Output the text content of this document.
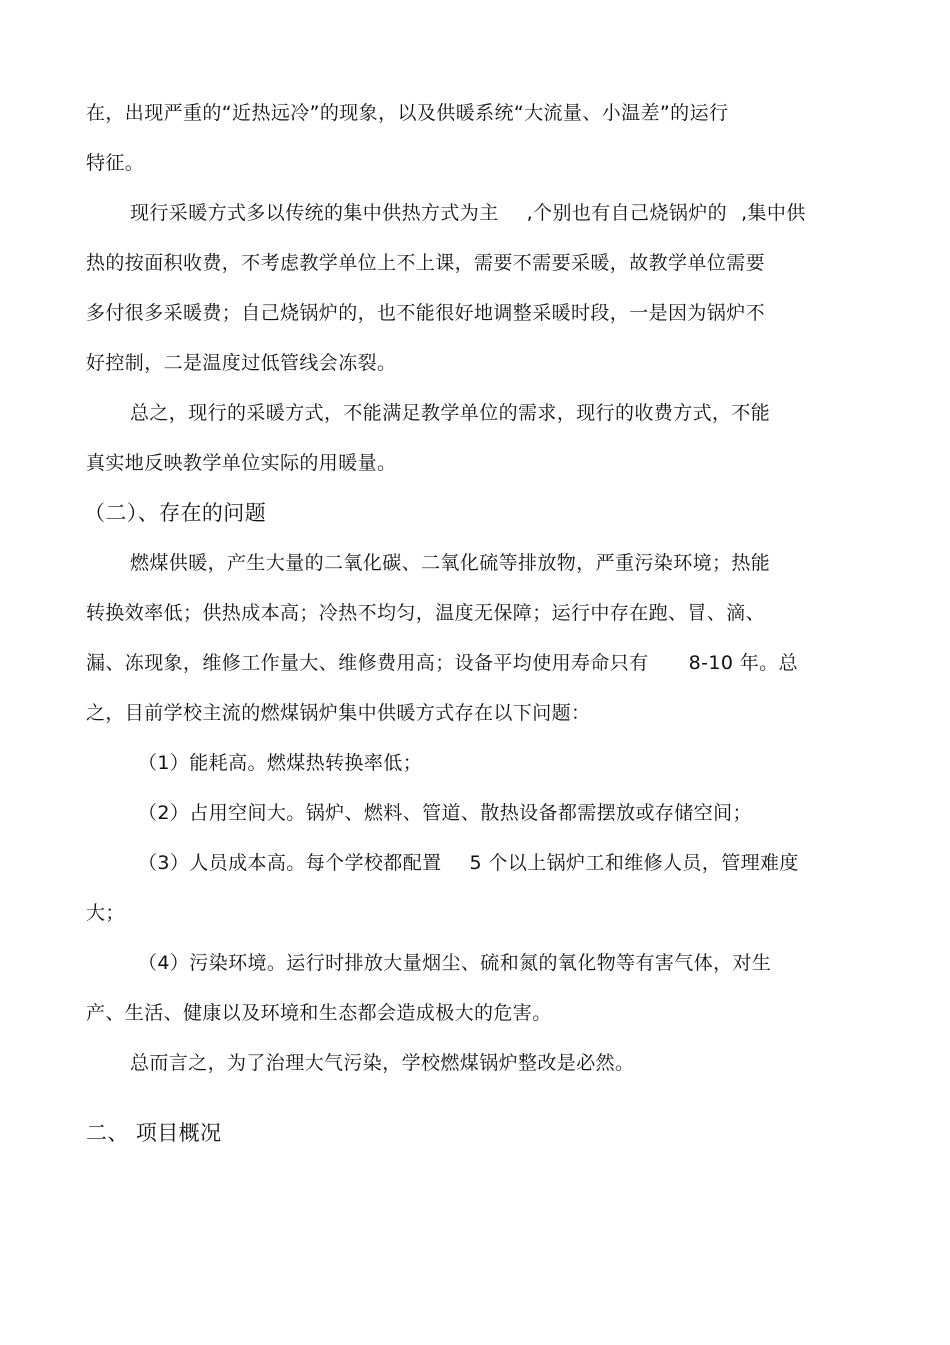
在，出现严重的“近热远冷”的现象，以及供暖系统“大流量、小温差”的运行
特征。
现行采暖方式多以传统的集中供热方式为主 ,个别也有自己烧锅炉的 ,集中供
热的按面积收费，不考虑教学单位上不上课，需要不需要采暖，故教学单位需要
多付很多采暖费；自己烧锅炉的，也不能很好地调整采暖时段，一是因为锅炉不
好控制，二是温度过低管线会冻裂。
总之，现行的采暖方式，不能满足教学单位的需求，现行的收费方式，不能
真实地反映教学单位实际的用暖量。
（二）、存在的问题
燃煤供暖，产生大量的二氧化碳、二氧化硫等排放物，严重污染环境；热能
转换效率低；供热成本高；冷热不均匀，温度无保障；运行中存在跑、冒、滴、
漏、冻现象，维修工作量大、维修费用高；设备平均使用寿命只有 8-10 年。总
之，目前学校主流的燃煤锅炉集中供暖方式存在以下问题：
（1）能耗高。燃煤热转换率低；
（2）占用空间大。锅炉、燃料、管道、散热设备都需摆放或存储空间；
（3）人员成本高。每个学校都配置 5 个以上锅炉工和维修人员，管理难度
大；
（4）污染环境。运行时排放大量烟尘、硫和氮的氧化物等有害气体，对生
产、生活、健康以及环境和生态都会造成极大的危害。
总而言之，为了治理大气污染，学校燃煤锅炉整改是必然。
二、 项目概况
